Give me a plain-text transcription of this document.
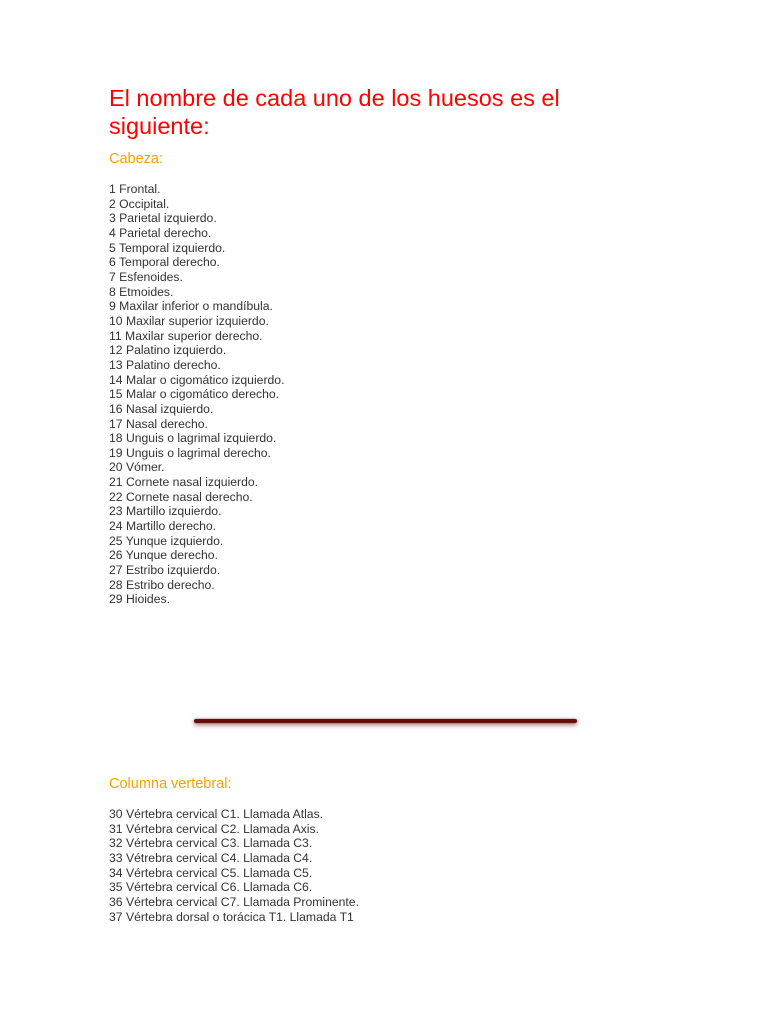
El nombre de cada uno de los huesos es el siguiente:
Cabeza:
1 Frontal.
2 Occipital.
3 Parietal izquierdo.
4 Parietal derecho.
5 Temporal izquierdo.
6 Temporal derecho.
7 Esfenoides.
8 Etmoides.
9 Maxilar inferior o mandíbula.
10 Maxilar superior izquierdo.
11 Maxilar superior derecho.
12 Palatino izquierdo.
13 Palatino derecho.
14 Malar o cigomático izquierdo.
15 Malar o cigomático derecho.
16 Nasal izquierdo.
17 Nasal derecho.
18 Unguis o lagrimal izquierdo.
19 Unguis o lagrimal derecho.
20 Vómer.
21 Cornete nasal izquierdo.
22 Cornete nasal derecho.
23 Martillo izquierdo.
24 Martillo derecho.
25 Yunque izquierdo.
26 Yunque derecho.
27 Estribo izquierdo.
28 Estribo derecho.
29 Hioides.
Columna vertebral:
30 Vértebra cervical C1. Llamada Atlas.
31 Vértebra cervical C2. Llamada Axis.
32 Vértebra cervical C3. Llamada C3.
33 Vétrebra cervical C4. Llamada C4.
34 Vértebra cervical C5. Llamada C5.
35 Vértebra cervical C6. Llamada C6.
36 Vértebra cervical C7. Llamada Prominente.
37 Vértebra dorsal o torácica T1. Llamada T1
